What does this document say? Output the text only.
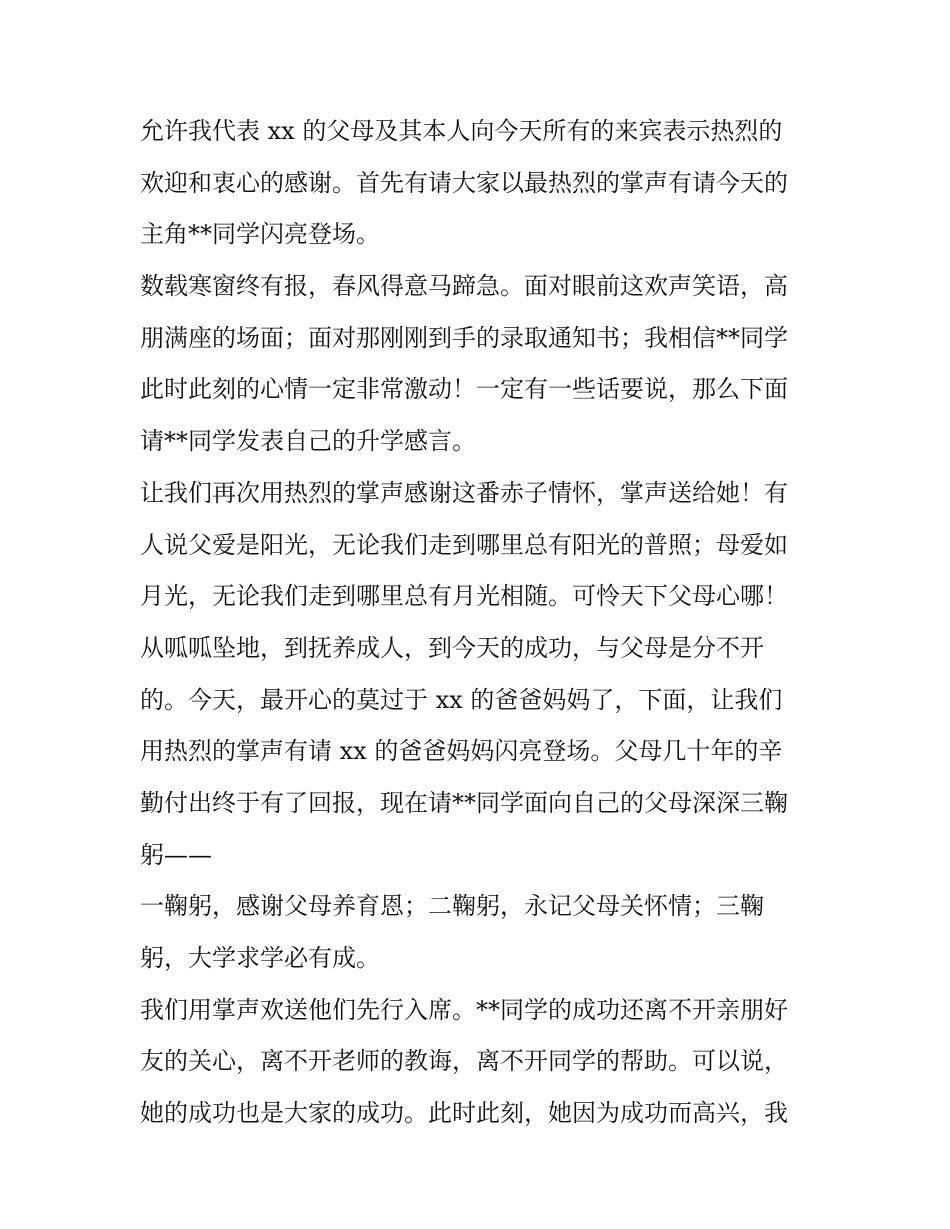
允许我代表 xx 的父母及其本人向今天所有的来宾表示热烈的
欢迎和衷心的感谢。首先有请大家以最热烈的掌声有请今天的
主角**同学闪亮登场。
数载寒窗终有报，春风得意马蹄急。面对眼前这欢声笑语，高
朋满座的场面；面对那刚刚到手的录取通知书；我相信**同学
此时此刻的心情一定非常激动！一定有一些话要说，那么下面
请**同学发表自己的升学感言。
让我们再次用热烈的掌声感谢这番赤子情怀，掌声送给她！有
人说父爱是阳光，无论我们走到哪里总有阳光的普照；母爱如
月光，无论我们走到哪里总有月光相随。可怜天下父母心哪！
从呱呱坠地，到抚养成人，到今天的成功，与父母是分不开
的。今天，最开心的莫过于 xx 的爸爸妈妈了，下面，让我们
用热烈的掌声有请 xx 的爸爸妈妈闪亮登场。父母几十年的辛
勤付出终于有了回报，现在请**同学面向自己的父母深深三鞠
躬——
一鞠躬，感谢父母养育恩；二鞠躬，永记父母关怀情；三鞠
躬，大学求学必有成。
我们用掌声欢送他们先行入席。**同学的成功还离不开亲朋好
友的关心，离不开老师的教诲，离不开同学的帮助。可以说，
她的成功也是大家的成功。此时此刻，她因为成功而高兴，我
